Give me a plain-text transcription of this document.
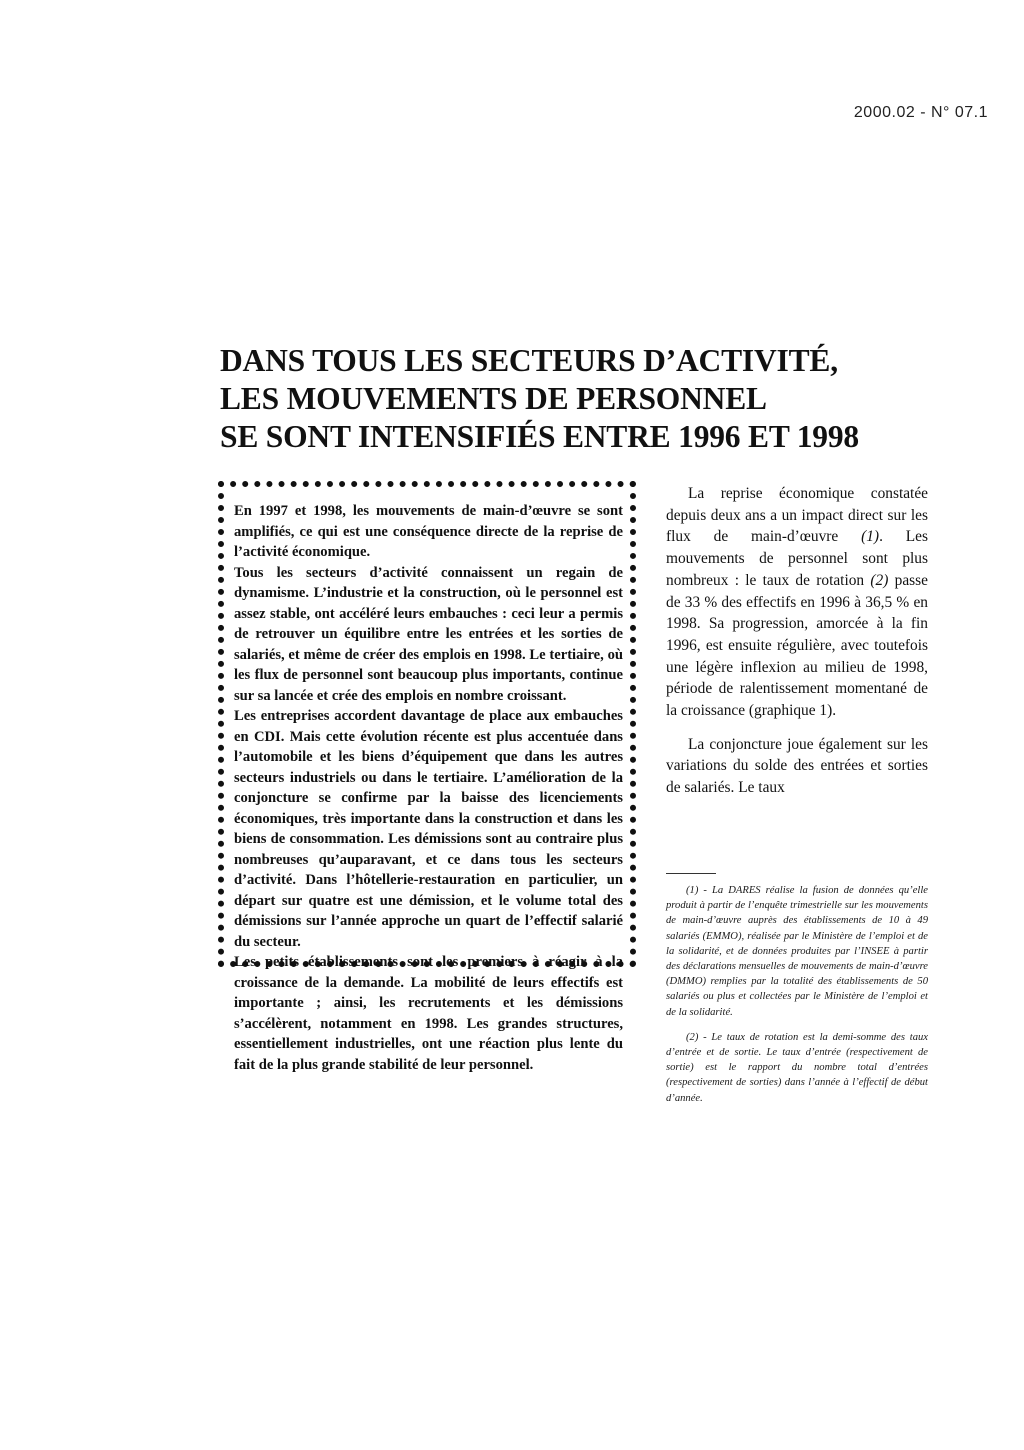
2000.02 - N° 07.1
DANS TOUS LES SECTEURS D’ACTIVITÉ,
LES MOUVEMENTS DE PERSONNEL
SE SONT INTENSIFIÉS ENTRE 1996 ET 1998

En 1997 et 1998, les mouvements de main-d’œuvre se sont amplifiés, ce qui est une conséquence directe de la reprise de l’activité économique.

Tous les secteurs d’activité connaissent un regain de dynamisme. L’industrie et la construction, où le personnel est assez stable, ont accéléré leurs embauches : ceci leur a permis de retrouver un équilibre entre les entrées et les sorties de salariés, et même de créer des emplois en 1998. Le tertiaire, où les flux de personnel sont beaucoup plus importants, continue sur sa lancée et crée des emplois en nombre croissant.

Les entreprises accordent davantage de place aux embauches en CDI. Mais cette évolution récente est plus accentuée dans l’automobile et les biens d’équipement que dans les autres secteurs industriels ou dans le tertiaire. L’amélioration de la conjoncture se confirme par la baisse des licenciements économiques, très importante dans la construction et dans les biens de consommation. Les démissions sont au contraire plus nombreuses qu’auparavant, et ce dans tous les secteurs d’activité. Dans l’hôtellerie-restauration en particulier, un départ sur quatre est une démission, et le volume total des démissions sur l’année approche un quart de l’effectif salarié du secteur.

Les petits établissements sont les premiers à réagir à la croissance de la demande. La mobilité de leurs effectifs est importante ; ainsi, les recrutements et les démissions s’accélèrent, notamment en 1998. Les grandes structures, essentiellement industrielles, ont une réaction plus lente du fait de la plus grande stabilité de leur personnel.

La reprise économique constatée depuis deux ans a un impact direct sur les flux de main-d’œuvre (1). Les mouvements de personnel sont plus nombreux : le taux de rotation (2) passe de 33 % des effectifs en 1996 à 36,5 % en 1998. Sa progression, amorcée à la fin 1996, est ensuite régulière, avec toutefois une légère inflexion au milieu de 1998, période de ralentissement momentané de la croissance (graphique 1).

La conjoncture joue également sur les variations du solde des entrées et sorties de salariés. Le taux

(1) - La DARES réalise la fusion de données qu’elle produit à partir de l’enquête trimestrielle sur les mouvements de main-d’œuvre auprès des établissements de 10 à 49 salariés (EMMO), réalisée par le Ministère de l’emploi et de la solidarité, et de données produites par l’INSEE à partir des déclarations mensuelles de mouvements de main-d’œuvre (DMMO) remplies par la totalité des établissements de 50 salariés ou plus et collectées par le Ministère de l’emploi et de la solidarité.

(2) - Le taux de rotation est la demi-somme des taux d’entrée et de sortie. Le taux d’entrée (respectivement de sortie) est le rapport du nombre total d’entrées (respectivement de sorties) dans l’année à l’effectif de début d’année.
